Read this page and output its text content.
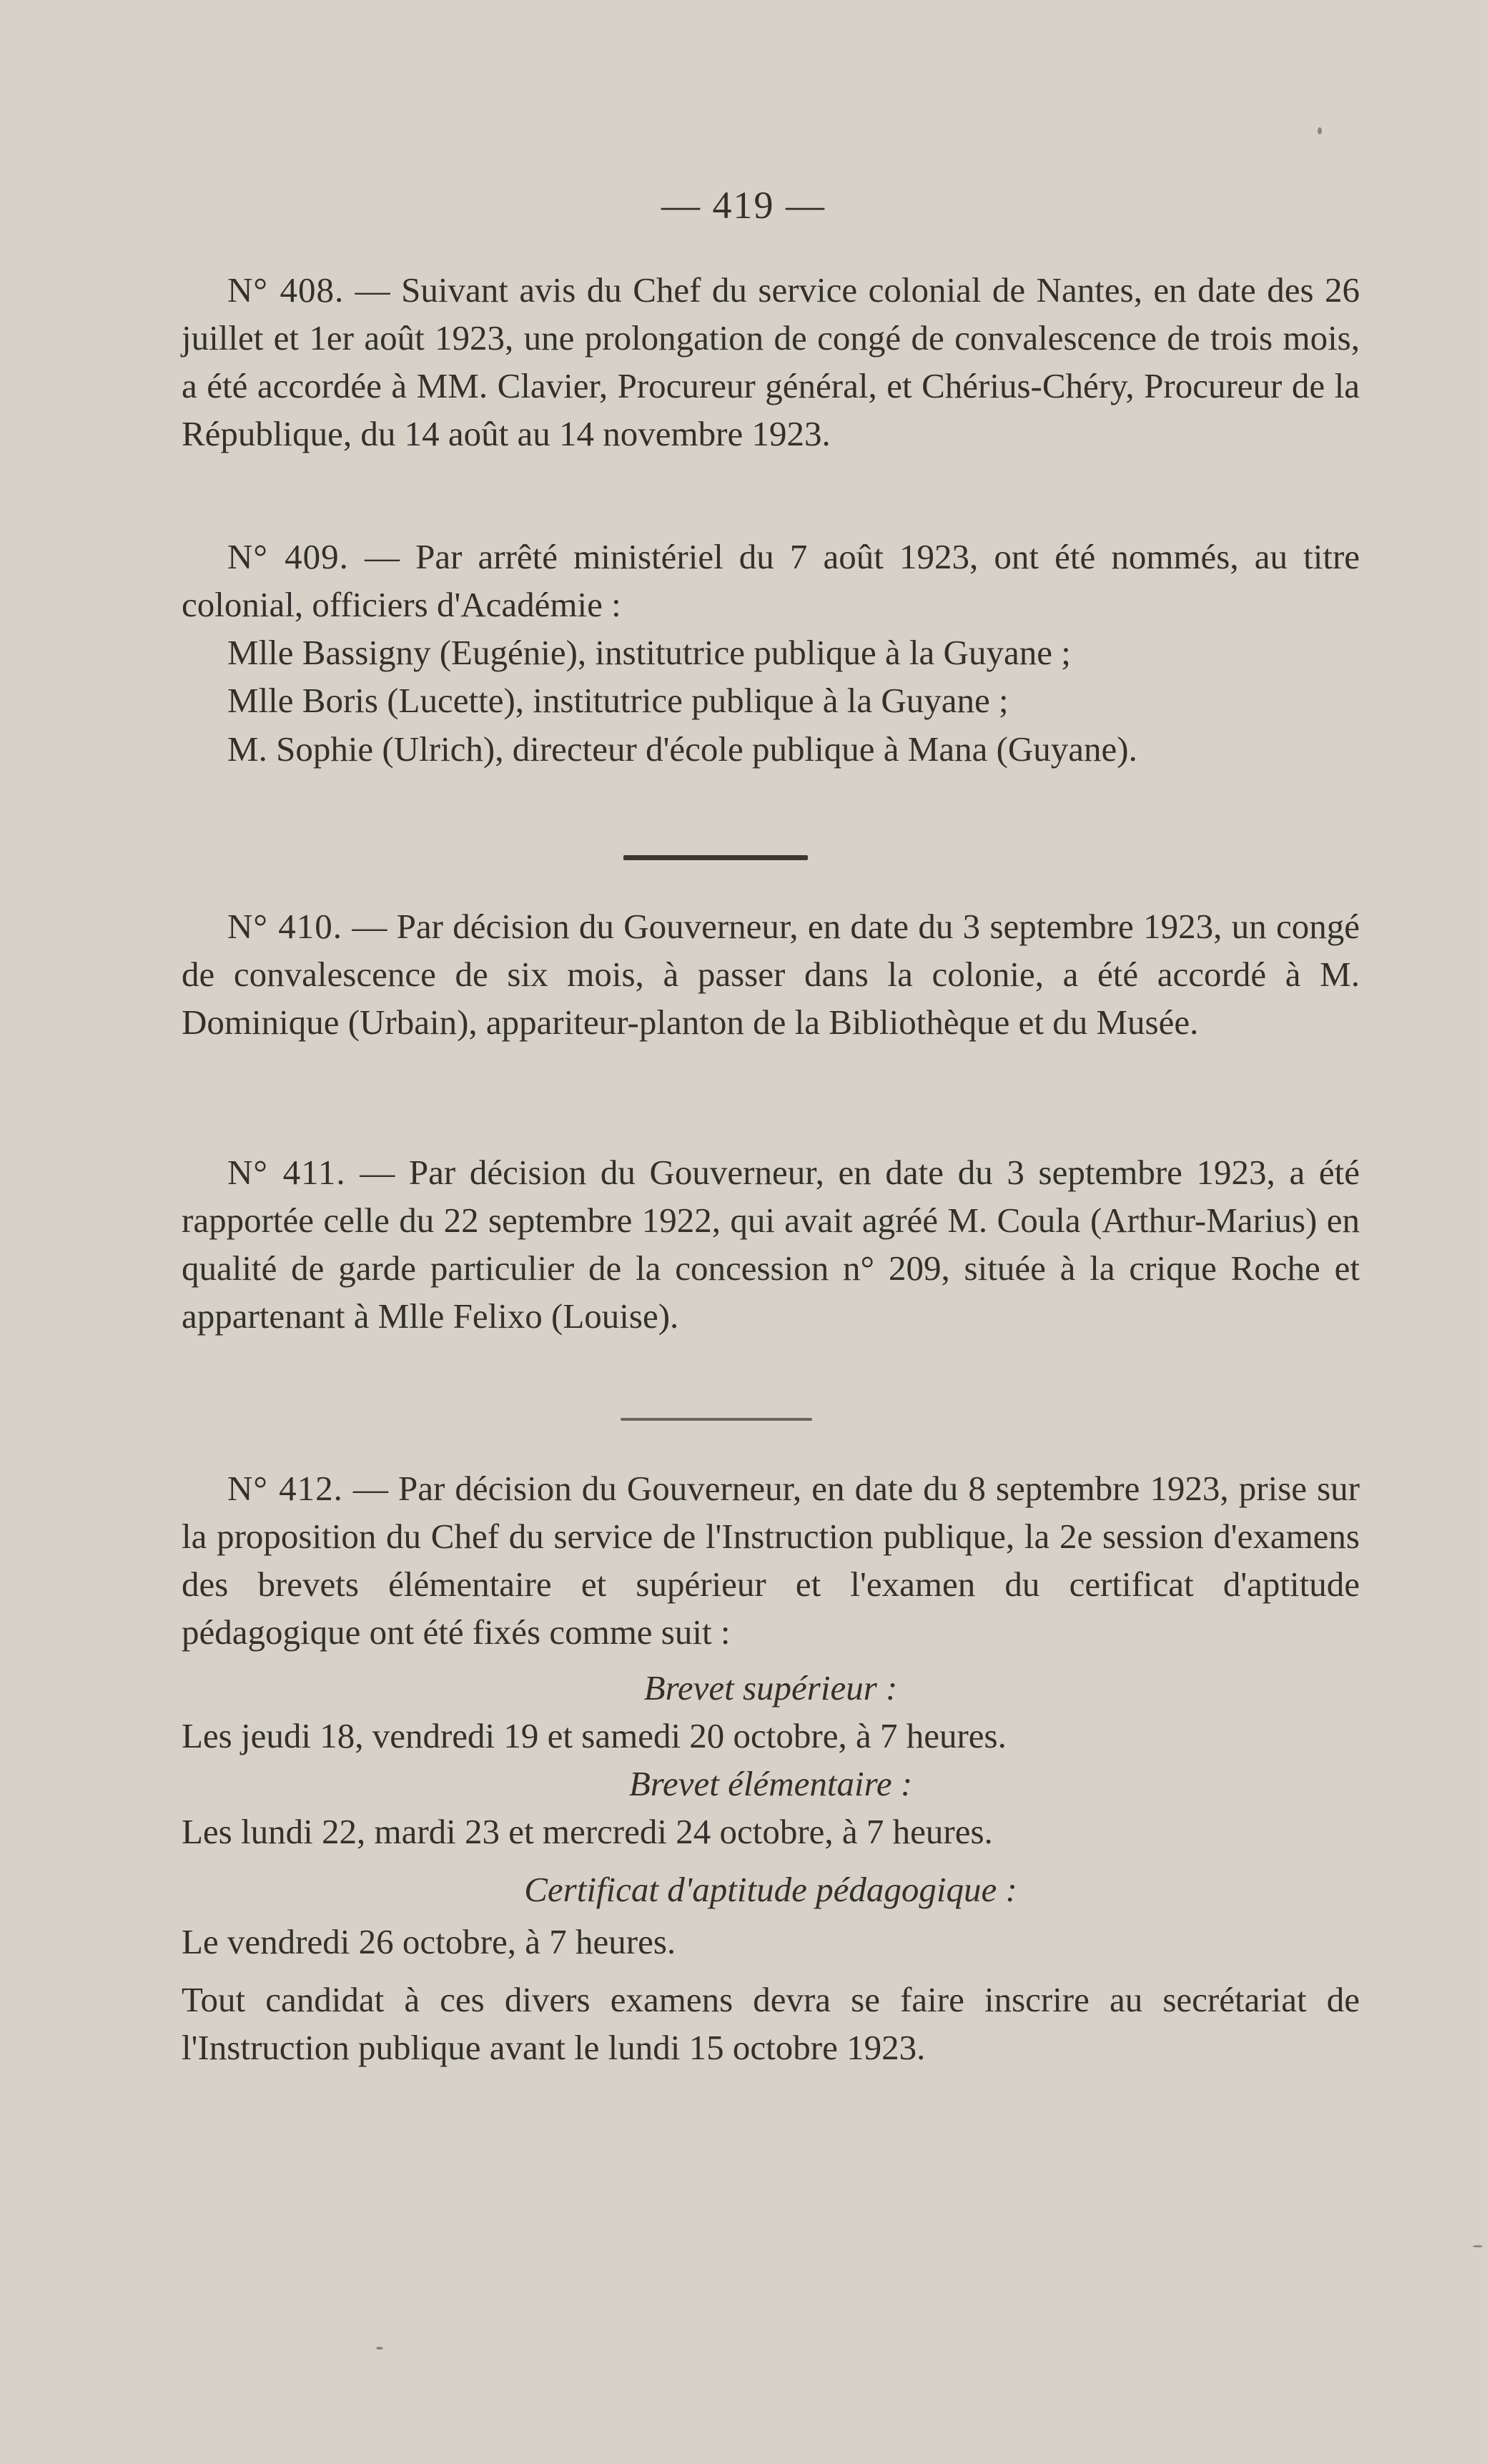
— 419 —

N° 408. — Suivant avis du Chef du service colonial de Nantes, en date des 26 juillet et 1er août 1923, une prolongation de congé de convalescence de trois mois, a été accordée à MM. Clavier, Procureur général, et Chérius-Chéry, Procureur de la République, du 14 août au 14 novembre 1923.

N° 409. — Par arrêté ministériel du 7 août 1923, ont été nommés, au titre colonial, officiers d'Académie :

Mlle Bassigny (Eugénie), institutrice publique à la Guyane ;

Mlle Boris (Lucette), institutrice publique à la Guyane ;

M. Sophie (Ulrich), directeur d'école publique à Mana (Guyane).

N° 410. — Par décision du Gouverneur, en date du 3 septembre 1923, un congé de convalescence de six mois, à passer dans la colonie, a été accordé à M. Dominique (Urbain), appariteur-planton de la Bibliothèque et du Musée.

N° 411. — Par décision du Gouverneur, en date du 3 septembre 1923, a été rapportée celle du 22 septembre 1922, qui avait agréé M. Coula (Arthur-Marius) en qualité de garde particulier de la concession n° 209, située à la crique Roche et appartenant à Mlle Felixo (Louise).

N° 412. — Par décision du Gouverneur, en date du 8 septembre 1923, prise sur la proposition du Chef du service de l'Instruction publique, la 2e session d'examens des brevets élémentaire et supérieur et l'examen du certificat d'aptitude pédagogique ont été fixés comme suit :

Brevet supérieur :

Les jeudi 18, vendredi 19 et samedi 20 octobre, à 7 heures.

Brevet élémentaire :

Les lundi 22, mardi 23 et mercredi 24 octobre, à 7 heures.

Certificat d'aptitude pédagogique :

Le vendredi 26 octobre, à 7 heures.

Tout candidat à ces divers examens devra se faire inscrire au secrétariat de l'Instruction publique avant le lundi 15 octobre 1923.
